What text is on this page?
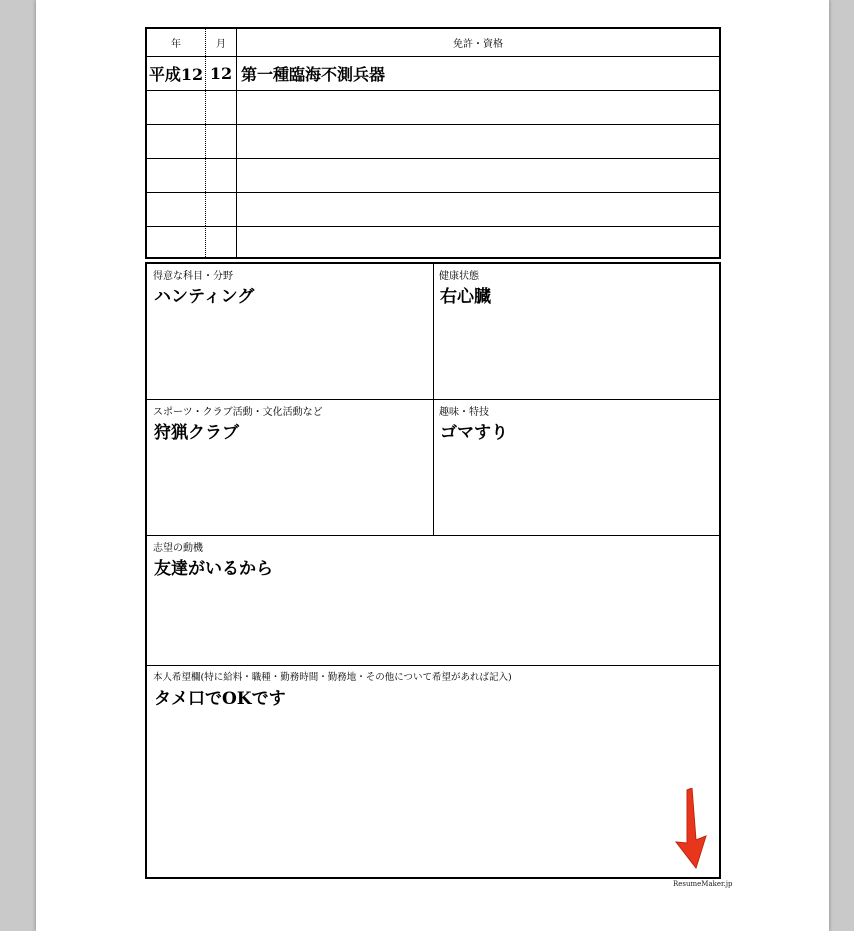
年	月	免許・資格
平成12 12 第一種臨海不測兵器
得意な科目・分野
ハンティング
健康状態
右心臓
スポーツ・クラブ活動・文化活動など
狩猟クラブ
趣味・特技
ゴマすり
志望の動機
友達がいるから
本人希望欄(特に給料・職種・勤務時間・勤務地・その他について希望があれば記入)
タメ口でOKです
ResumeMaker.jp
